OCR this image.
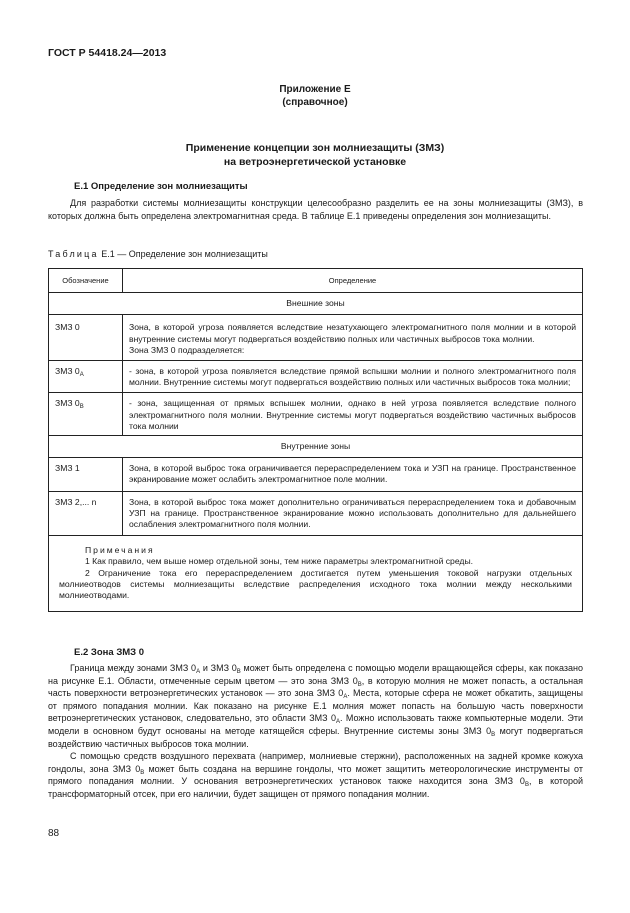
ГОСТ Р 54418.24—2013
Приложение Е
(справочное)
Применение концепции зон молниезащиты (ЗМЗ)
на ветроэнергетической установке
Е.1 Определение зон молниезащиты

Для разработки системы молниезащиты конструкции целесообразно разделить ее на зоны молниезащиты (ЗМЗ), в которых должна быть определена электромагнитная среда. В таблице Е.1 приведены определения зон молниезащиты.

Таблица Е.1 — Определение зон молниезащиты
Обозначение	Определение
Внешние зоны	
ЗМЗ 0	Зона, в которой угроза появляется вследствие незатухающего электромагнитного поля молнии и в которой внутренние системы могут подвергаться воздействию полных или частичных выбросов тока молнии.
Зона ЗМЗ 0 подразделяется:

ЗМЗ $0_A$	- зона, в которой угроза появляется вследствие прямой вспышки молнии и полного электромагнитного поля молнии. Внутренние системы могут подвергаться воздействию полных или частичных выбросов тока молнии;
ЗМЗ $0_B$	- зона, защищенная от прямых вспышек молнии, однако в ней угроза появляется вследствие полного электромагнитного поля молнии. Внутренние системы могут подвергаться воздействию частичных выбросов тока молнии
Внутренние зоны	
ЗМЗ 1	Зона, в которой выброс тока ограничивается перераспределением тока и УЗП на границе. Пространственное экранирование может ослабить электромагнитное поле молнии.
ЗМЗ 2,... n	Зона, в которой выброс тока может дополнительно ограничиваться перераспределением тока и добавочным УЗП на границе. Пространственное экранирование можно использовать дополнительно для дальнейшего ослабления электромагнитного поля молнии.

Примечания

1 Как правило, чем выше номер отдельной зоны, тем ниже параметры электромагнитной среды.

2 Ограничение тока его перераспределением достигается путем уменьшения токовой нагрузки отдельных молниеотводов системы молниезащиты вследствие распределения исходного тока молнии между несколькими молниеотводами.	

Е.2 Зона ЗМЗ 0

Граница между зонами ЗМЗ $0_A$ и ЗМЗ $0_B$ может быть определена с помощью модели вращающейся сферы, как показано на рисунке Е.1. Области, отмеченные серым цветом — это зона ЗМЗ $0_B$, в которую молния не может попасть, а остальная часть поверхности ветроэнергетических установок — это зона ЗМЗ $0_A$. Места, которые сфера не может обкатить, защищены от прямого попадания молнии. Как показано на рисунке Е.1 молния может попасть на большую часть поверхности ветроэнергетических установок, следовательно, это области ЗМЗ $0_A$. Можно использовать также компьютерные модели. Эти модели в основном будут основаны на методе катящейся сферы. Внутренние системы зоны ЗМЗ $0_B$ могут подвергаться воздействию частичных выбросов тока молнии.

С помощью средств воздушного перехвата (например, молниевые стержни), расположенных на задней кромке кожуха гондолы, зона ЗМЗ $0_B$ может быть создана на вершине гондолы, что может защитить метеорологические инструменты от прямого попадания молнии. У основания ветроэнергетических установок также находится зона ЗМЗ $0_B$, в которой трансформаторный отсек, при его наличии, будет защищен от прямого попадания молнии.

88
